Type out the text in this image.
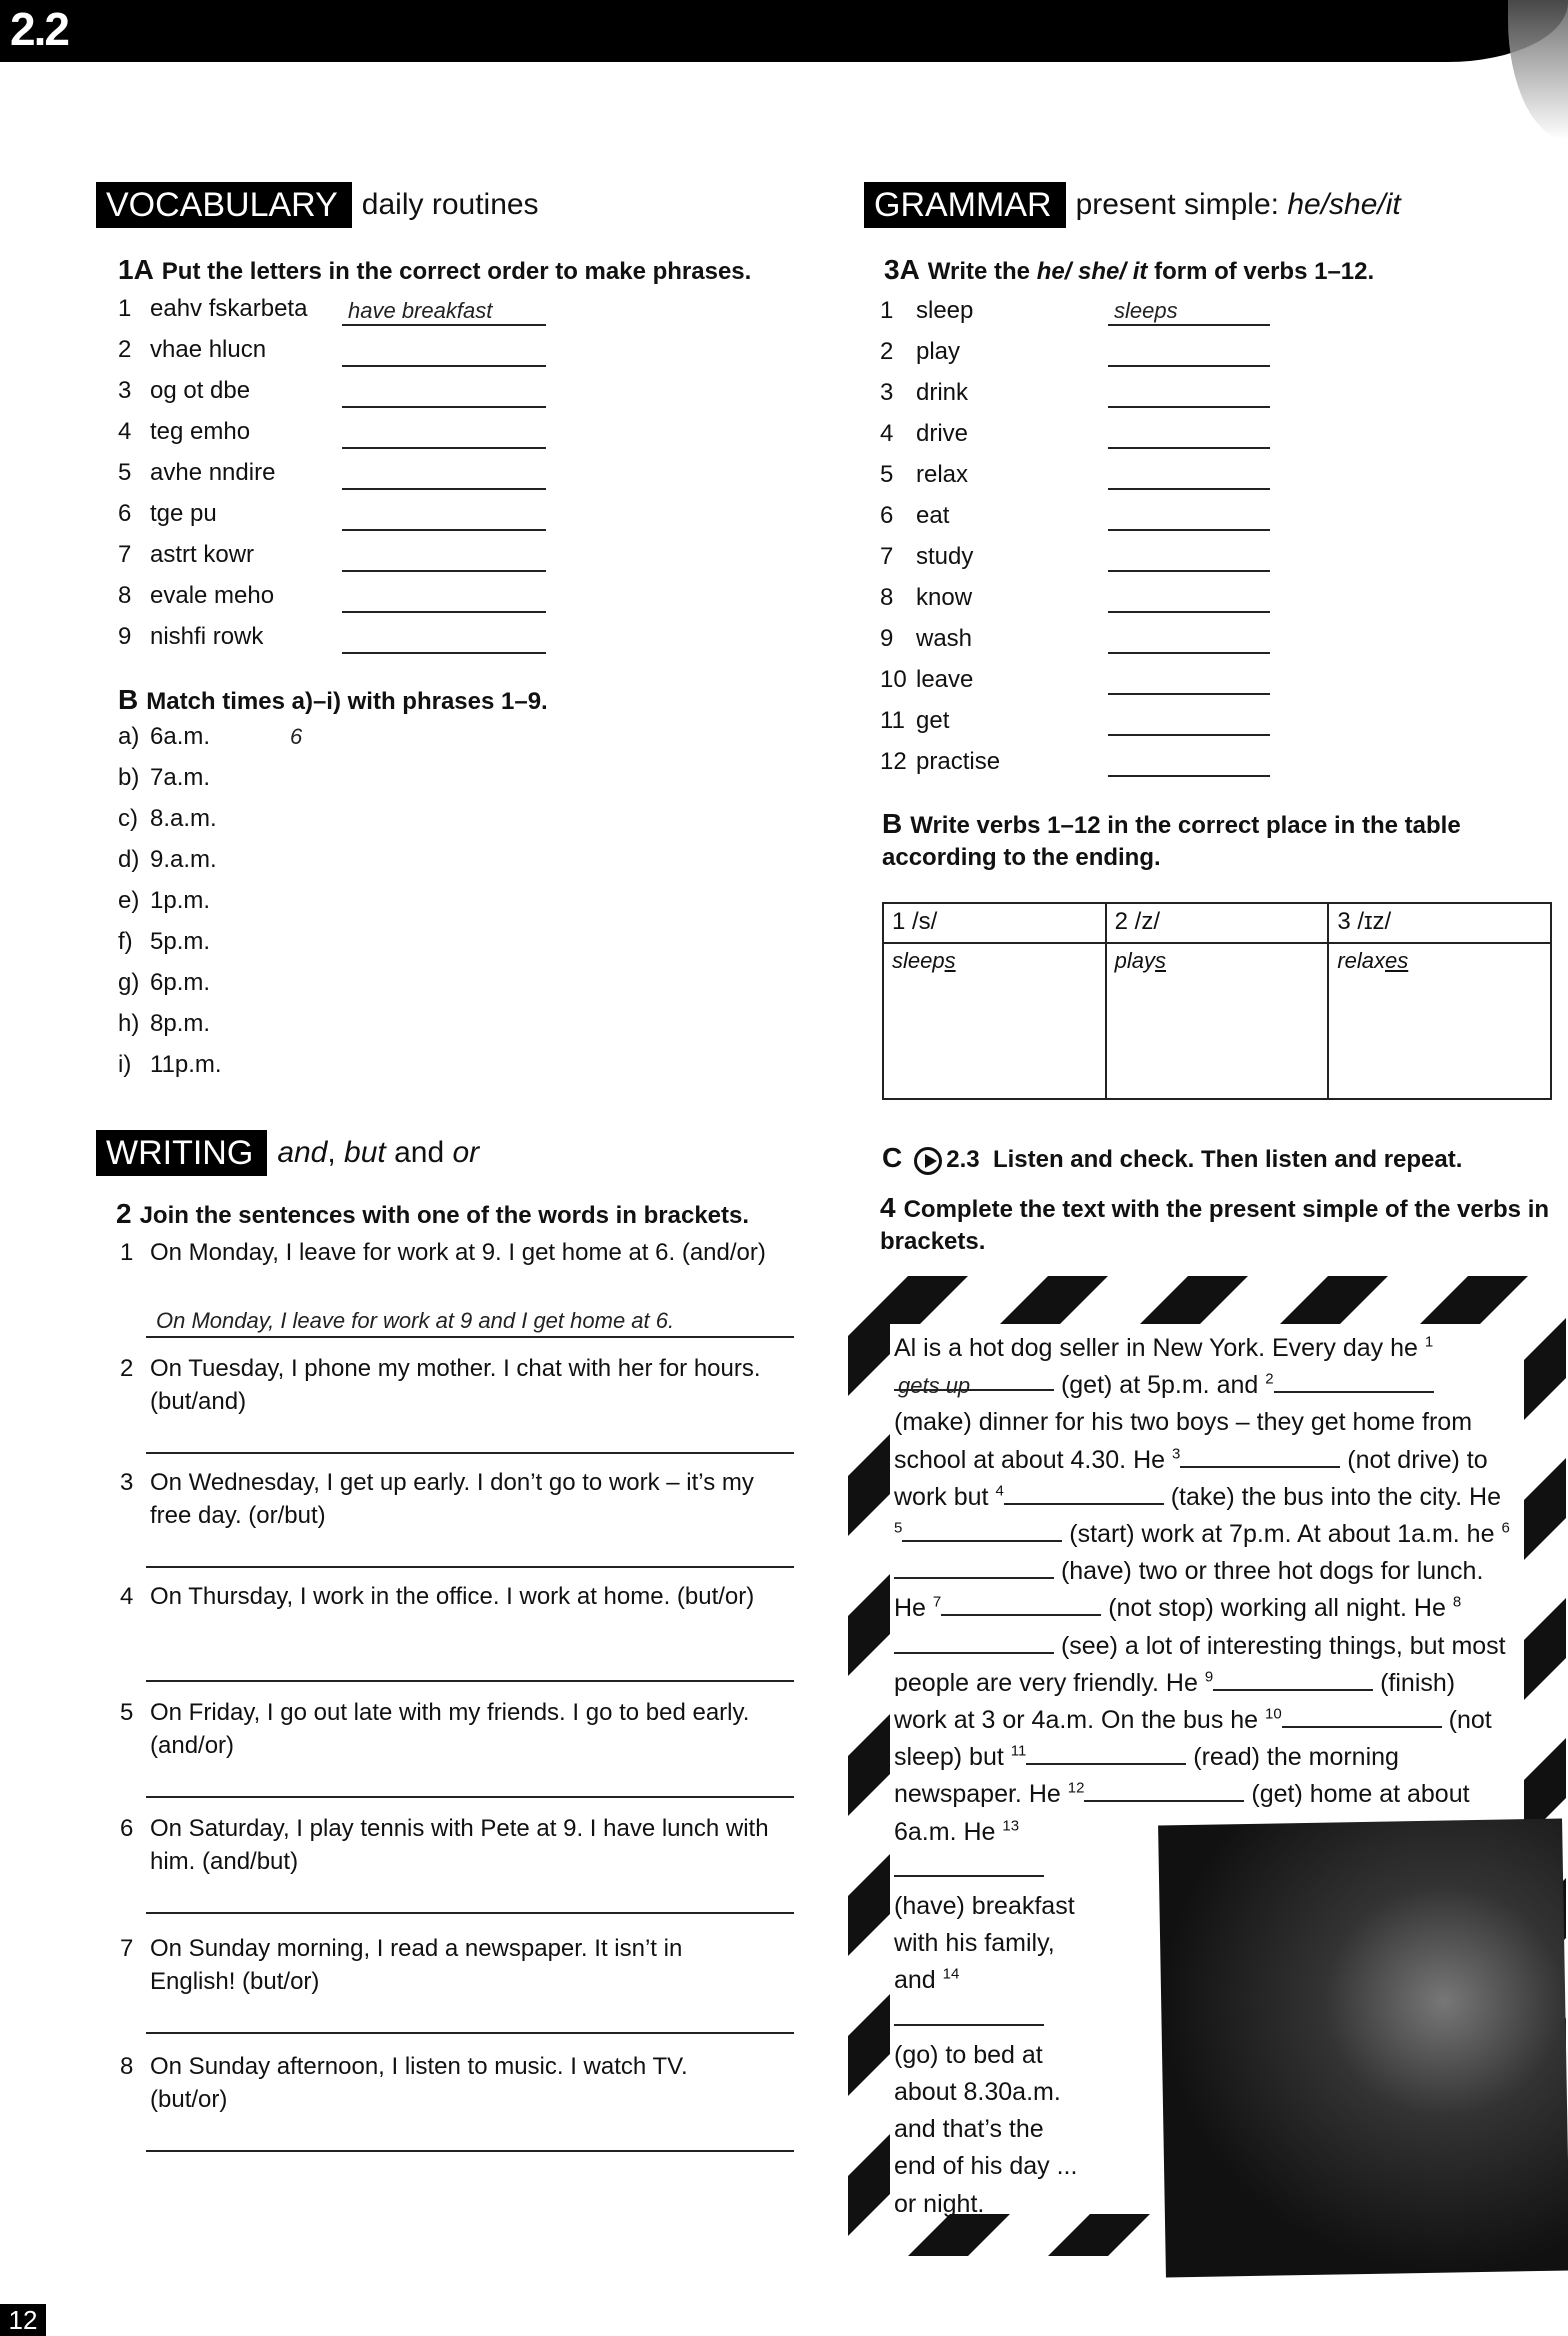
2.2
VOCABULARY daily routines
1A Put the letters in the correct order to make phrases.
1 eahv fskarbeta have breakfast
2 vhae hlucn
3 og ot dbe
4 teg emho
5 avhe nndire
6 tge pu
7 astrt kowr
8 evale meho
9 nishfi rowk
B Match times a)–i) with phrases 1–9.
a) 6a.m.	6
b) 7a.m.
c) 8.a.m.
d) 9.a.m.
e) 1p.m.
f) 5p.m.
g) 6p.m.
h) 8p.m.
i) 11p.m.
WRITING and, but and or
2 Join the sentences with one of the words in brackets.
1 On Monday, I leave for work at 9. I get home at 6. (and/or)
On Monday, I leave for work at 9 and I get home at 6.
2 On Tuesday, I phone my mother. I chat with her for hours. (but/and)
3 On Wednesday, I get up early. I don’t go to work – it’s my free day. (or/but)
4 On Thursday, I work in the office. I work at home. (but/or)
5 On Friday, I go out late with my friends. I go to bed early. (and/or)
6 On Saturday, I play tennis with Pete at 9. I have lunch with him. (and/but)
7 On Sunday morning, I read a newspaper. It isn’t in English! (but/or)
8 On Sunday afternoon, I listen to music. I watch TV. (but/or)
GRAMMAR present simple: he/she/it
3A Write the he/ she/ it form of verbs 1–12.
1 sleep	sleeps
2 play
3 drink
4 drive
5 relax
6 eat
7 study
8 know
9 wash
10 leave
11 get
12 practise
B Write verbs 1–12 in the correct place in the table according to the ending.
1 /s/	2 /z/	3 /ɪz/
sleeps	plays	relaxes
C 2.3 Listen and check. Then listen and repeat.
4 Complete the text with the present simple of the verbs in brackets.
Al is a hot dog seller in New York. Every day he $^1$gets up	(get) at 5p.m. and $^2$ (make) dinner for his two boys – they get home from school at about 4.30. He $^3$	(not drive) to work but $^4$	(take) the bus into the city. He $^5$	(start) work at 7p.m. At about 1a.m. he $^6$ (have) two or three hot dogs for lunch. He $^7$	(not stop) working all night. He $^8$ (see) a lot of interesting things, but most people are very friendly. He $^9$	(finish) work at 3 or 4a.m. On the bus he $^{10}$	(not sleep) but $^{11}$	(read) the morning newspaper. He $^{12}$	(get) home at about 6a.m. He $^{13}$ (have) breakfast with his family, and $^{14}$ (go) to bed at about 8.30a.m. and that’s the end of his day ... or night.
12
